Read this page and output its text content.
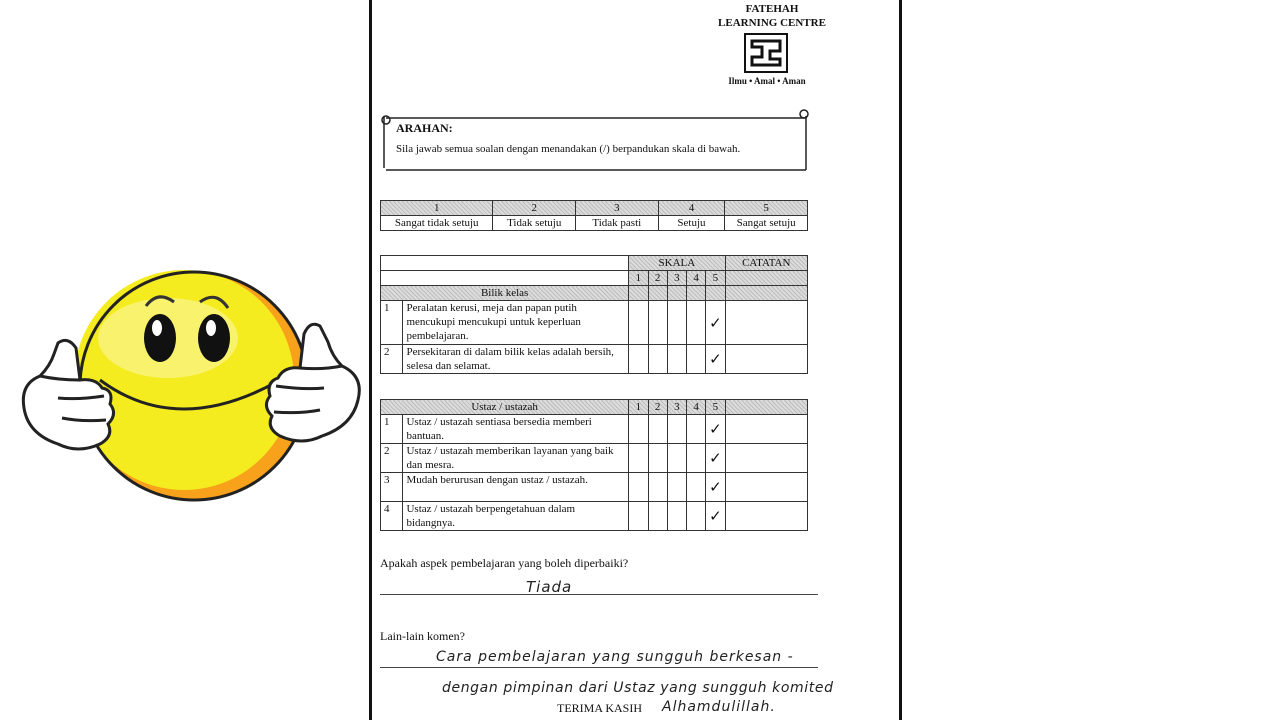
FATEHAH
LEARNING CENTRE
Ilmu • Amal • Aman
ARAHAN:
Sila jawab semua soalan dengan menandakan (/) berpandukan skala di bawah.
1	2	3	4	5
Sangat tidak setuju	Tidak setuju	Tidak pasti	Setuju	Sangat setuju
		SKALA					CATATAN
		1	2	3	4	5	
Bilik kelas							
1	Peralatan kerusi, meja dan papan putih mencukupi mencukupi untuk keperluan pembelajaran.					✓	
2	Persekitaran di dalam bilik kelas adalah bersih, selesa dan selamat.					✓	
Ustaz / ustazah		1	2	3	4	5	
1	Ustaz / ustazah sentiasa bersedia memberi bantuan.					✓	
2	Ustaz / ustazah memberikan layanan yang baik dan mesra.					✓	
3	Mudah berurusan dengan ustaz / ustazah.					✓	
4	Ustaz / ustazah berpengetahuan dalam bidangnya.					✓	
Apakah aspek pembelajaran yang boleh diperbaiki?
Tiada
Lain-lain komen?
Cara pembelajaran yang sungguh berkesan -
dengan pimpinan dari Ustaz yang sungguh komited
TERIMA KASIH Alhamdulillah.
